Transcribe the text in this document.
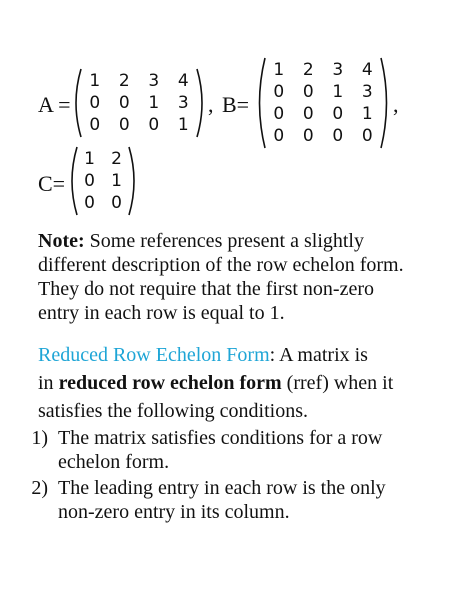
A =
1	2	3	4
0	0	1	3
0	0	0	1
, B=
1	2	3	4
0	0	1	3
0	0	0	1
0	0	0	0
,
C=
1 2
0 1
0 0
Note: Some references present a slightly
different description of the row echelon form.
They do not require that the first non-zero
entry in each row is equal to 1.
Reduced Row Echelon Form: A matrix is
in reduced row echelon form (rref) when it
satisfies the following conditions.
1) The matrix satisfies conditions for a row
echelon form.
2) The leading entry in each row is the only
non-zero entry in its column.
